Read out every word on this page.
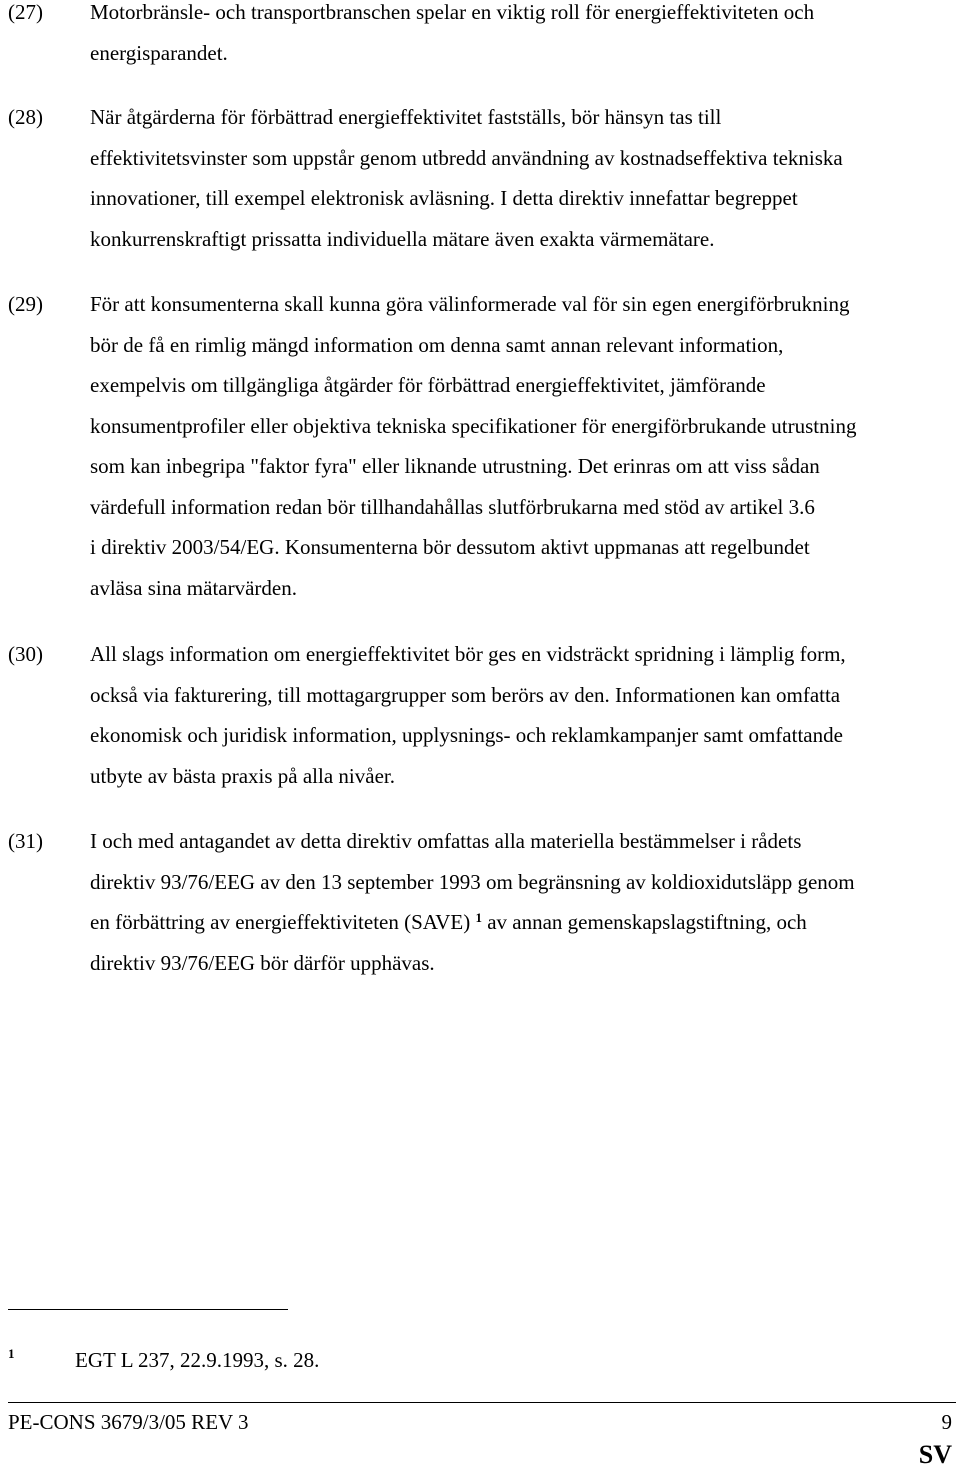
(27) Motorbränsle- och transportbranschen spelar en viktig roll för energieffektiviteten och
energisparandet.
(28) När åtgärderna för förbättrad energieffektivitet fastställs, bör hänsyn tas till
effektivitetsvinster som uppstår genom utbredd användning av kostnadseffektiva tekniska
innovationer, till exempel elektronisk avläsning. I detta direktiv innefattar begreppet
konkurrenskraftigt prissatta individuella mätare även exakta värmemätare.
(29) För att konsumenterna skall kunna göra välinformerade val för sin egen energiförbrukning
bör de få en rimlig mängd information om denna samt annan relevant information,
exempelvis om tillgängliga åtgärder för förbättrad energieffektivitet, jämförande
konsumentprofiler eller objektiva tekniska specifikationer för energiförbrukande utrustning
som kan inbegripa "faktor fyra" eller liknande utrustning. Det erinras om att viss sådan
värdefull information redan bör tillhandahållas slutförbrukarna med stöd av artikel 3.6
i direktiv 2003/54/EG. Konsumenterna bör dessutom aktivt uppmanas att regelbundet
avläsa sina mätarvärden.
(30) All slags information om energieffektivitet bör ges en vidsträckt spridning i lämplig form,
också via fakturering, till mottagargrupper som berörs av den. Informationen kan omfatta
ekonomisk och juridisk information, upplysnings- och reklamkampanjer samt omfattande
utbyte av bästa praxis på alla nivåer.
(31) I och med antagandet av detta direktiv omfattas alla materiella bestämmelser i rådets
direktiv 93/76/EEG av den 13 september 1993 om begränsning av koldioxidutsläpp genom
en förbättring av energieffektiviteten (SAVE) $^1$ av annan gemenskapslagstiftning, och
direktiv 93/76/EEG bör därför upphävas.
1	EGT L 237, 22.9.1993, s. 28.
PE-CONS 3679/3/05 REV 3	9
SV
